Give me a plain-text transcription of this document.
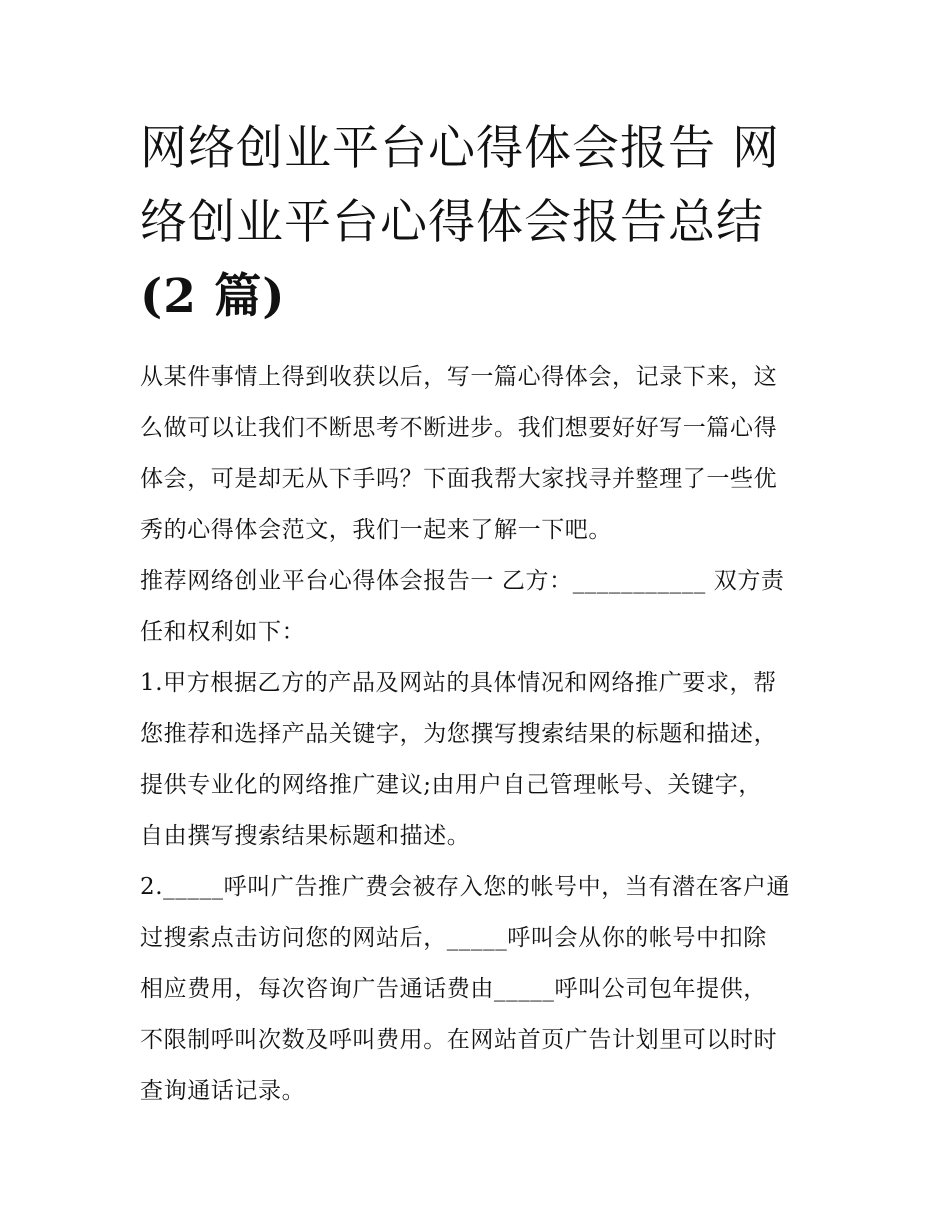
网络创业平台心得体会报告 网
络创业平台心得体会报告总结
(2 篇)

从某件事情上得到收获以后，写一篇心得体会，记录下来，这
么做可以让我们不断思考不断进步。我们想要好好写一篇心得
体会，可是却无从下手吗？下面我帮大家找寻并整理了一些优
秀的心得体会范文，我们一起来了解一下吧。

推荐网络创业平台心得体会报告一 乙方：___________ 双方责
任和权利如下：

1.甲方根据乙方的产品及网站的具体情况和网络推广要求，帮
您推荐和选择产品关键字，为您撰写搜索结果的标题和描述，
提供专业化的网络推广建议;由用户自己管理帐号、关键字，
自由撰写搜索结果标题和描述。

2._____呼叫广告推广费会被存入您的帐号中，当有潜在客户通
过搜索点击访问您的网站后，_____呼叫会从你的帐号中扣除
相应费用，每次咨询广告通话费由_____呼叫公司包年提供，
不限制呼叫次数及呼叫费用。在网站首页广告计划里可以时时
查询通话记录。
